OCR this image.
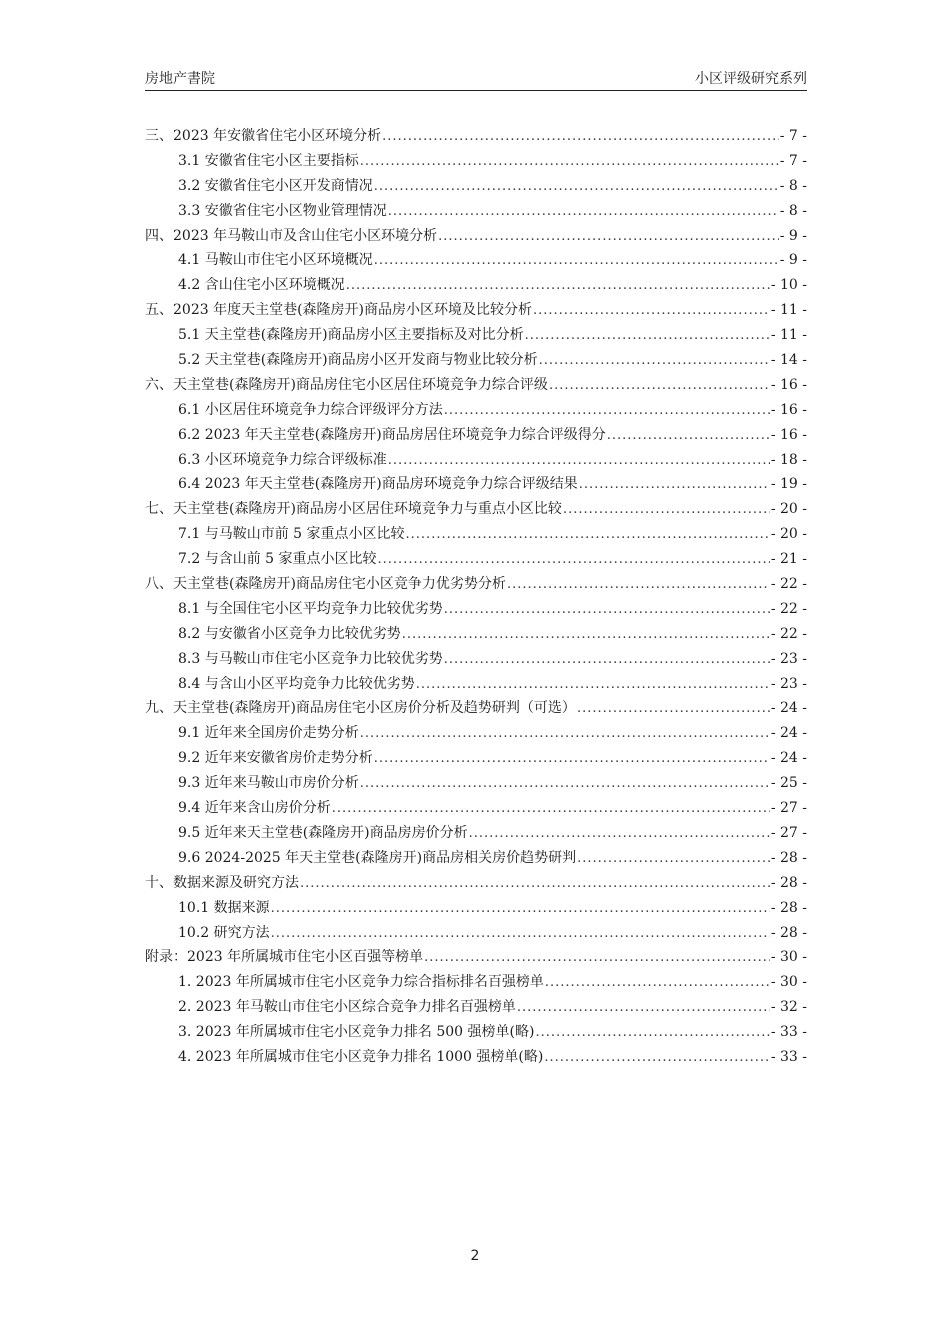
房地产書院	小区评级研究系列
三、2023 年安徽省住宅小区环境分析 .....	- 7 -
3.1 安徽省住宅小区主要指标 .....	- 7 -
3.2 安徽省住宅小区开发商情况 .....	- 8 -
3.3 安徽省住宅小区物业管理情况 .....	- 8 -
四、2023 年马鞍山市及含山住宅小区环境分析 .....	- 9 -
4.1 马鞍山市住宅小区环境概况 .....	- 9 -
4.2 含山住宅小区环境概况 .....	- 10 -
五、2023 年度天主堂巷(森隆房开)商品房小区环境及比较分析 .....	- 11 -
5.1 天主堂巷(森隆房开)商品房小区主要指标及对比分析 .....	- 11 -
5.2 天主堂巷(森隆房开)商品房小区开发商与物业比较分析 .....	- 14 -
六、天主堂巷(森隆房开)商品房住宅小区居住环境竞争力综合评级 .....	- 16 -
6.1 小区居住环境竞争力综合评级评分方法 .....	- 16 -
6.2 2023 年天主堂巷(森隆房开)商品房居住环境竞争力综合评级得分 .....	- 16 -
6.3 小区环境竞争力综合评级标准 .....	- 18 -
6.4 2023 年天主堂巷(森隆房开)商品房环境竞争力综合评级结果 .....	- 19 -
七、天主堂巷(森隆房开)商品房小区居住环境竞争力与重点小区比较 .....	- 20 -
7.1 与马鞍山市前 5 家重点小区比较 .....	- 20 -
7.2 与含山前 5 家重点小区比较 .....	- 21 -
八、天主堂巷(森隆房开)商品房住宅小区竞争力优劣势分析 .....	- 22 -
8.1 与全国住宅小区平均竞争力比较优劣势 .....	- 22 -
8.2 与安徽省小区竞争力比较优劣势 .....	- 22 -
8.3 与马鞍山市住宅小区竞争力比较优劣势 .....	- 23 -
8.4 与含山小区平均竞争力比较优劣势 .....	- 23 -
九、天主堂巷(森隆房开)商品房住宅小区房价分析及趋势研判（可选） .....	- 24 -
9.1 近年来全国房价走势分析 .....	- 24 -
9.2 近年来安徽省房价走势分析 .....	- 24 -
9.3 近年来马鞍山市房价分析 .....	- 25 -
9.4 近年来含山房价分析 .....	- 27 -
9.5 近年来天主堂巷(森隆房开)商品房房价分析 .....	- 27 -
9.6 2024-2025 年天主堂巷(森隆房开)商品房相关房价趋势研判 .....	- 28 -
十、数据来源及研究方法 .....	- 28 -
10.1 数据来源 .....	- 28 -
10.2 研究方法 .....	- 28 -
附录：2023 年所属城市住宅小区百强等榜单 .....	- 30 -
1. 2023 年所属城市住宅小区竞争力综合指标排名百强榜单 .....	- 30 -
2. 2023 年马鞍山市住宅小区综合竞争力排名百强榜单 .....	- 32 -
3. 2023 年所属城市住宅小区竞争力排名 500 强榜单(略) .....	- 33 -
4. 2023 年所属城市住宅小区竞争力排名 1000 强榜单(略) .....	- 33 -
2
